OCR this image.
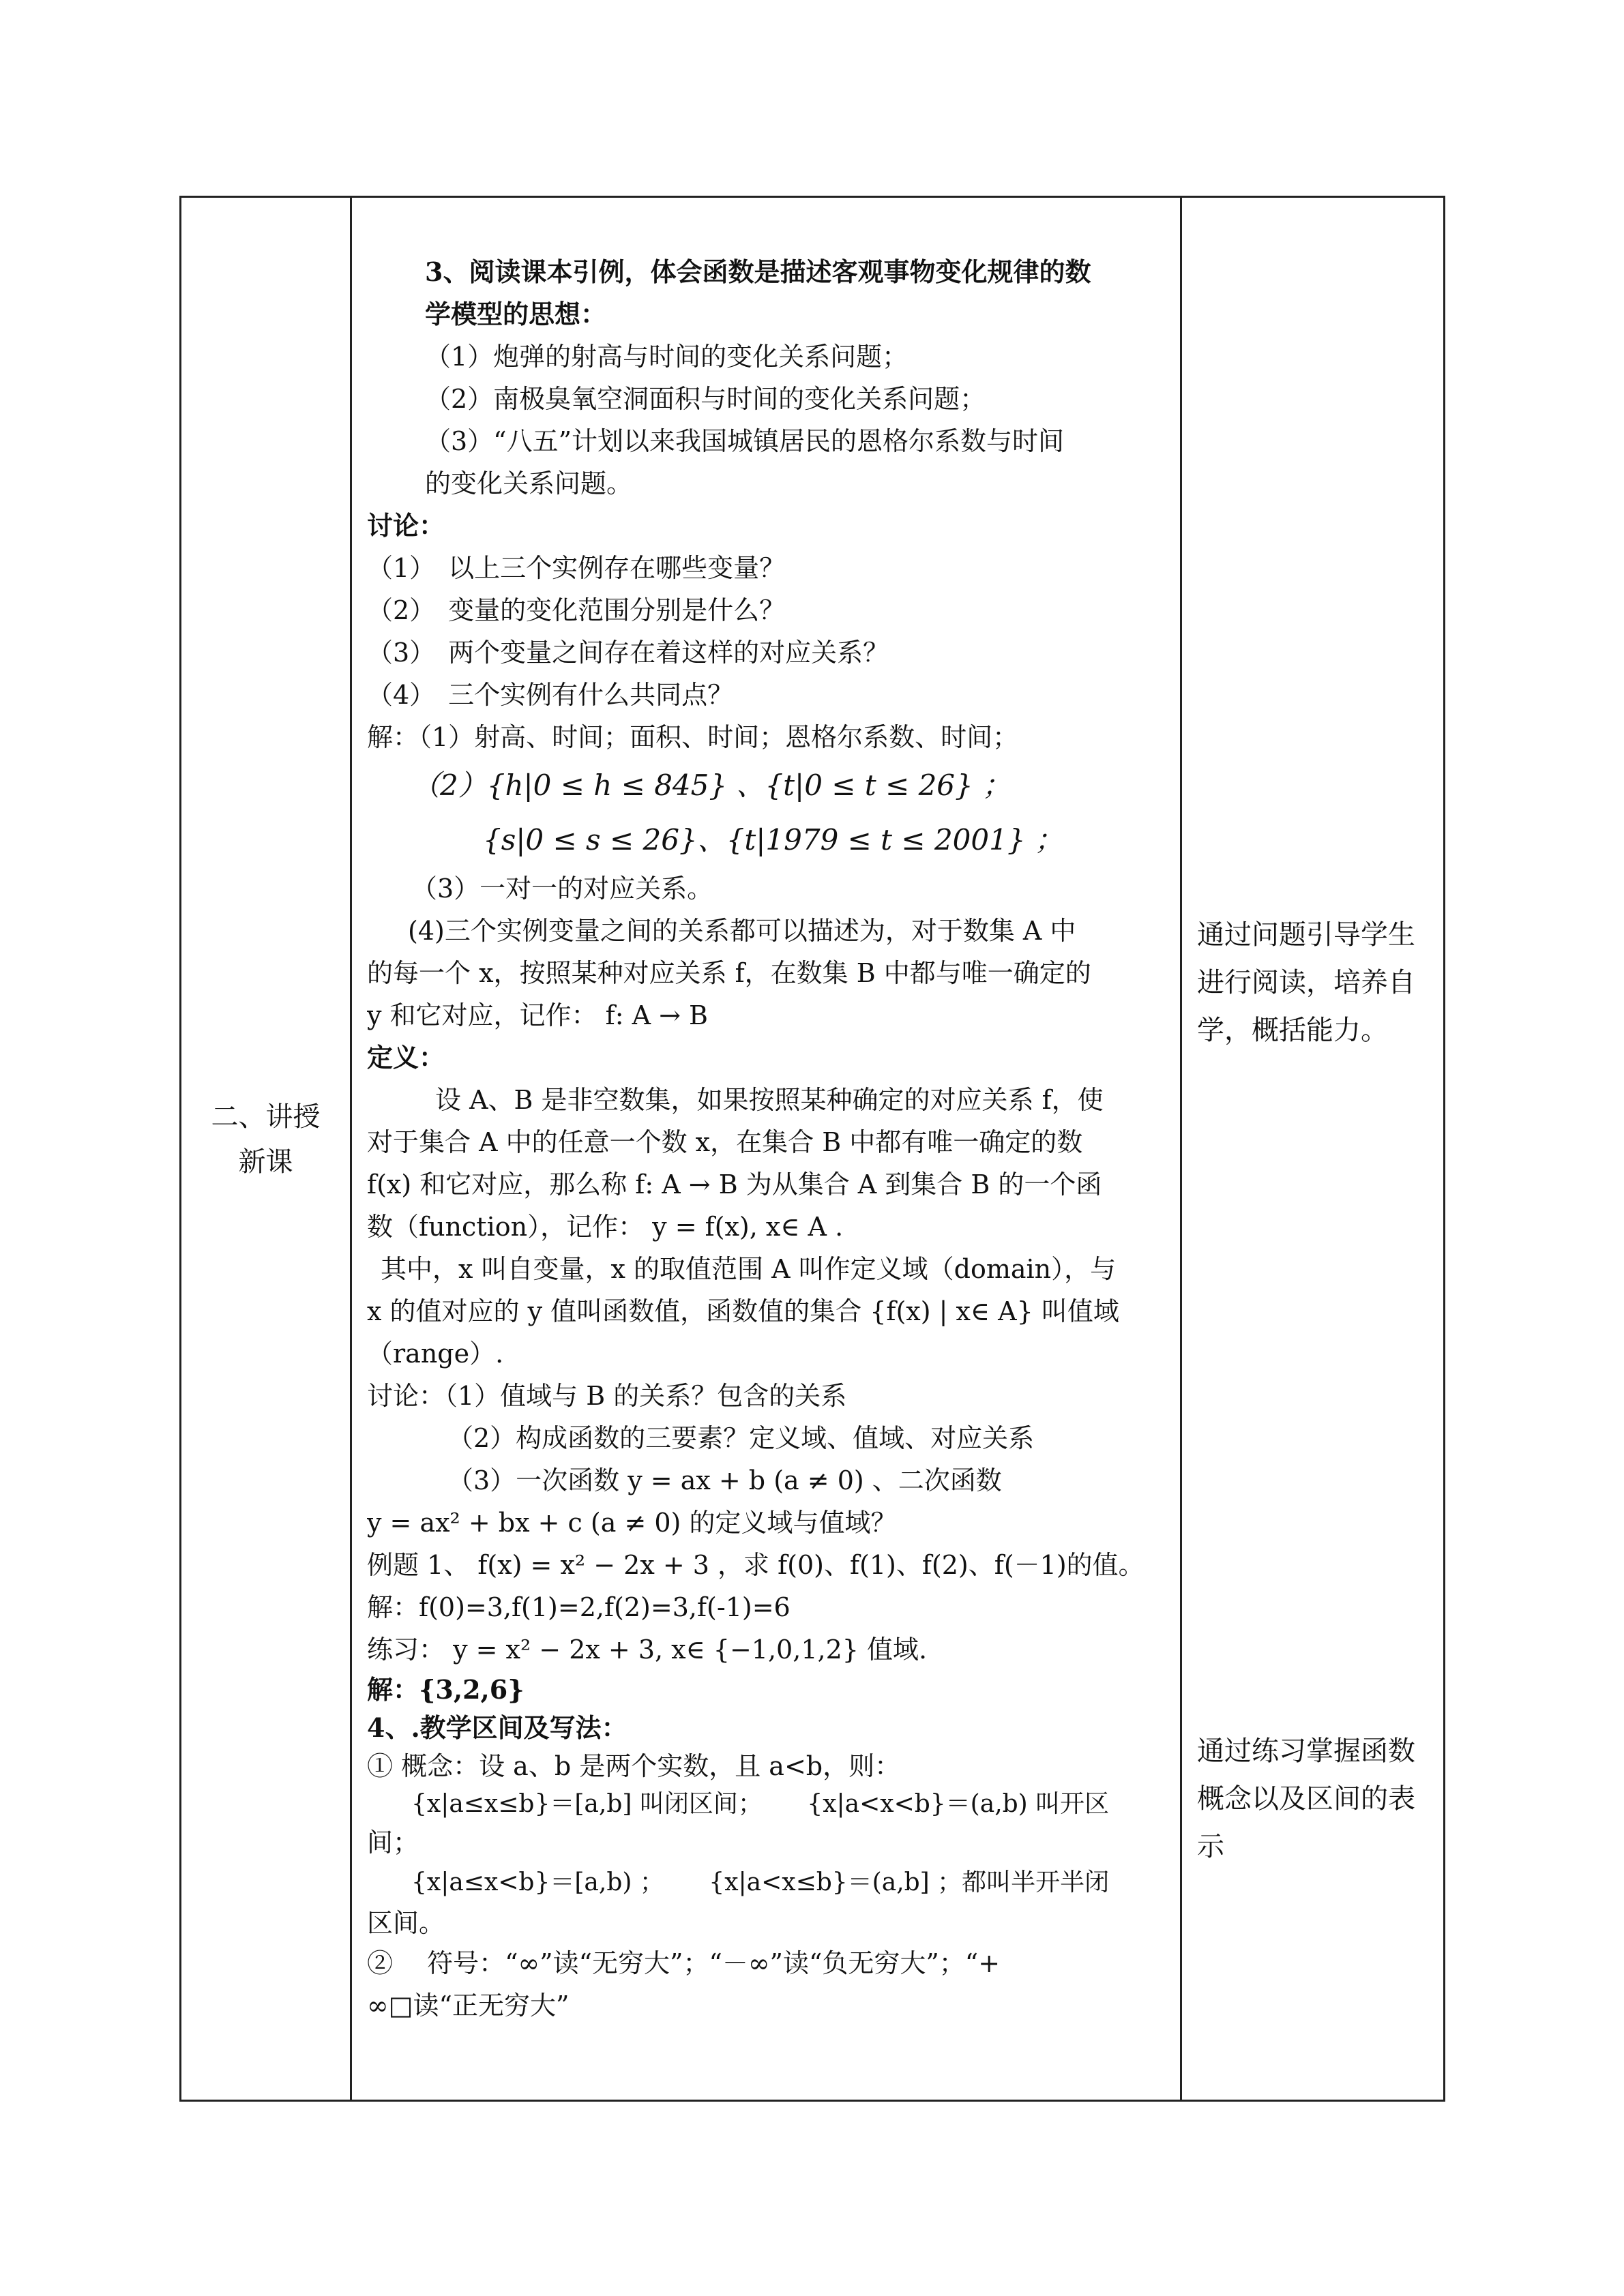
二、讲授
新课
3、阅读课本引例，体会函数是描述客观事物变化规律的数
学模型的思想：
（1）炮弹的射高与时间的变化关系问题；
（2）南极臭氧空洞面积与时间的变化关系问题；
（3）“八五”计划以来我国城镇居民的恩格尔系数与时间
的变化关系问题。
讨论：
（1）　以上三个实例存在哪些变量？
（2）　变量的变化范围分别是什么？
（3）　两个变量之间存在着这样的对应关系？
（4）　三个实例有什么共同点？
解：（1）射高、时间；面积、时间；恩格尔系数、时间；
（2）{h|0 ≤ h ≤ 845} 、{t|0 ≤ t ≤ 26} ；
{s|0 ≤ s ≤ 26}、{t|1979 ≤ t ≤ 2001} ；
（3）一对一的对应关系。
(4)三个实例变量之间的关系都可以描述为，对于数集 A 中
的每一个 x，按照某种对应关系 f，在数集 B 中都与唯一确定的
y 和它对应，记作： f: A → B
定义：
设 A、B 是非空数集，如果按照某种确定的对应关系 f，使
对于集合 A 中的任意一个数 x，在集合 B 中都有唯一确定的数
f(x) 和它对应，那么称 f: A → B 为从集合 A 到集合 B 的一个函
数（function），记作： y = f(x), x∈ A .
其中，x 叫自变量，x 的取值范围 A 叫作定义域（domain），与
x 的值对应的 y 值叫函数值，函数值的集合 {f(x) | x∈ A} 叫值域
（range）.
讨论：（1）值域与 B 的关系？包含的关系
（2）构成函数的三要素？定义域、值域、对应关系
（3）一次函数 y = ax + b (a ≠ 0) 、二次函数
y = ax² + bx + c (a ≠ 0) 的定义域与值域？
例题 1、 f(x) = x² − 2x + 3 ，求 f(0)、f(1)、f(2)、f(－1)的值。
解：f(0)=3,f(1)=2,f(2)=3,f(-1)=6
练习： y = x² − 2x + 3, x∈ {−1,0,1,2} 值域.
解：{3,2,6}
4、.教学区间及写法：
① 概念：设 a、b 是两个实数，且 a<b，则：
{x|a≤x≤b}＝[a,b] 叫闭区间；　　 {x|a<x<b}＝(a,b) 叫开区
间；
{x|a≤x<b}＝[a,b) ；　　 {x|a<x≤b}＝(a,b] ；都叫半开半闭
区间。
②　 符号：“∞”读“无穷大”；“－∞”读“负无穷大”；“+
∞□读“正无穷大”
通过问题引导学生
进行阅读，培养自
学，概括能力。
通过练习掌握函数
概念以及区间的表
示
